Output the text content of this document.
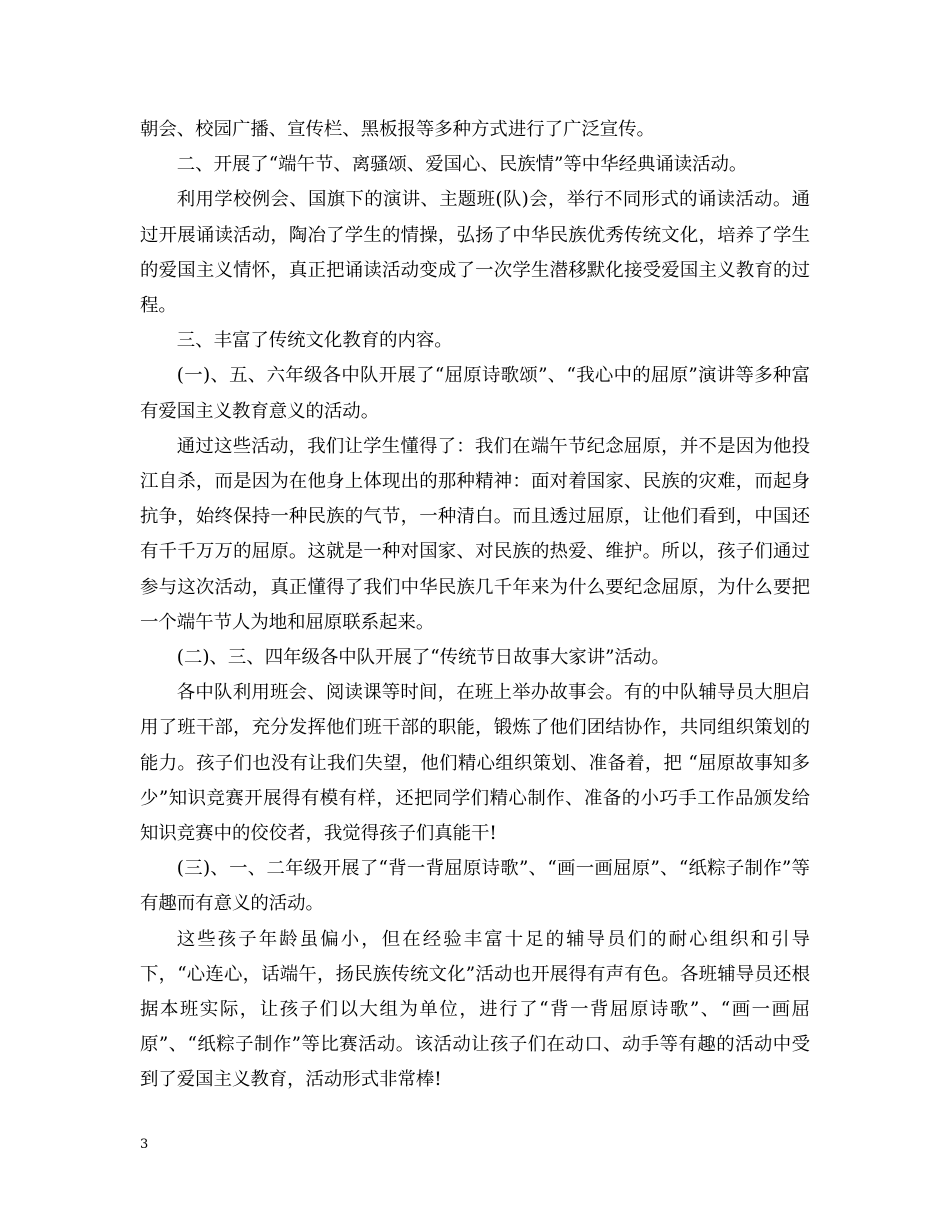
朝会、校园广播、宣传栏、黑板报等多种方式进行了广泛宣传。

二、开展了“端午节、离骚颂、爱国心、民族情”等中华经典诵读活动。

利用学校例会、国旗下的演讲、主题班(队)会，举行不同形式的诵读活动。通过开展诵读活动，陶冶了学生的情操，弘扬了中华民族优秀传统文化，培养了学生的爱国主义情怀，真正把诵读活动变成了一次学生潜移默化接受爱国主义教育的过程。

三、丰富了传统文化教育的内容。

(一)、五、六年级各中队开展了“屈原诗歌颂”、“我心中的屈原”演讲等多种富有爱国主义教育意义的活动。

通过这些活动，我们让学生懂得了：我们在端午节纪念屈原，并不是因为他投江自杀，而是因为在他身上体现出的那种精神：面对着国家、民族的灾难，而起身抗争，始终保持一种民族的气节，一种清白。而且透过屈原，让他们看到，中国还有千千万万的屈原。这就是一种对国家、对民族的热爱、维护。所以，孩子们通过参与这次活动，真正懂得了我们中华民族几千年来为什么要纪念屈原，为什么要把一个端午节人为地和屈原联系起来。

(二)、三、四年级各中队开展了“传统节日故事大家讲”活动。

各中队利用班会、阅读课等时间，在班上举办故事会。有的中队辅导员大胆启用了班干部，充分发挥他们班干部的职能，锻炼了他们团结协作，共同组织策划的能力。孩子们也没有让我们失望，他们精心组织策划、准备着，把 “屈原故事知多少”知识竞赛开展得有模有样，还把同学们精心制作、准备的小巧手工作品颁发给知识竞赛中的佼佼者，我觉得孩子们真能干!

(三)、一、二年级开展了“背一背屈原诗歌”、“画一画屈原”、“纸粽子制作”等有趣而有意义的活动。

这些孩子年龄虽偏小，但在经验丰富十足的辅导员们的耐心组织和引导下，“心连心，话端午，扬民族传统文化”活动也开展得有声有色。各班辅导员还根据本班实际，让孩子们以大组为单位，进行了“背一背屈原诗歌”、“画一画屈原”、“纸粽子制作”等比赛活动。该活动让孩子们在动口、动手等有趣的活动中受到了爱国主义教育，活动形式非常棒!

3
